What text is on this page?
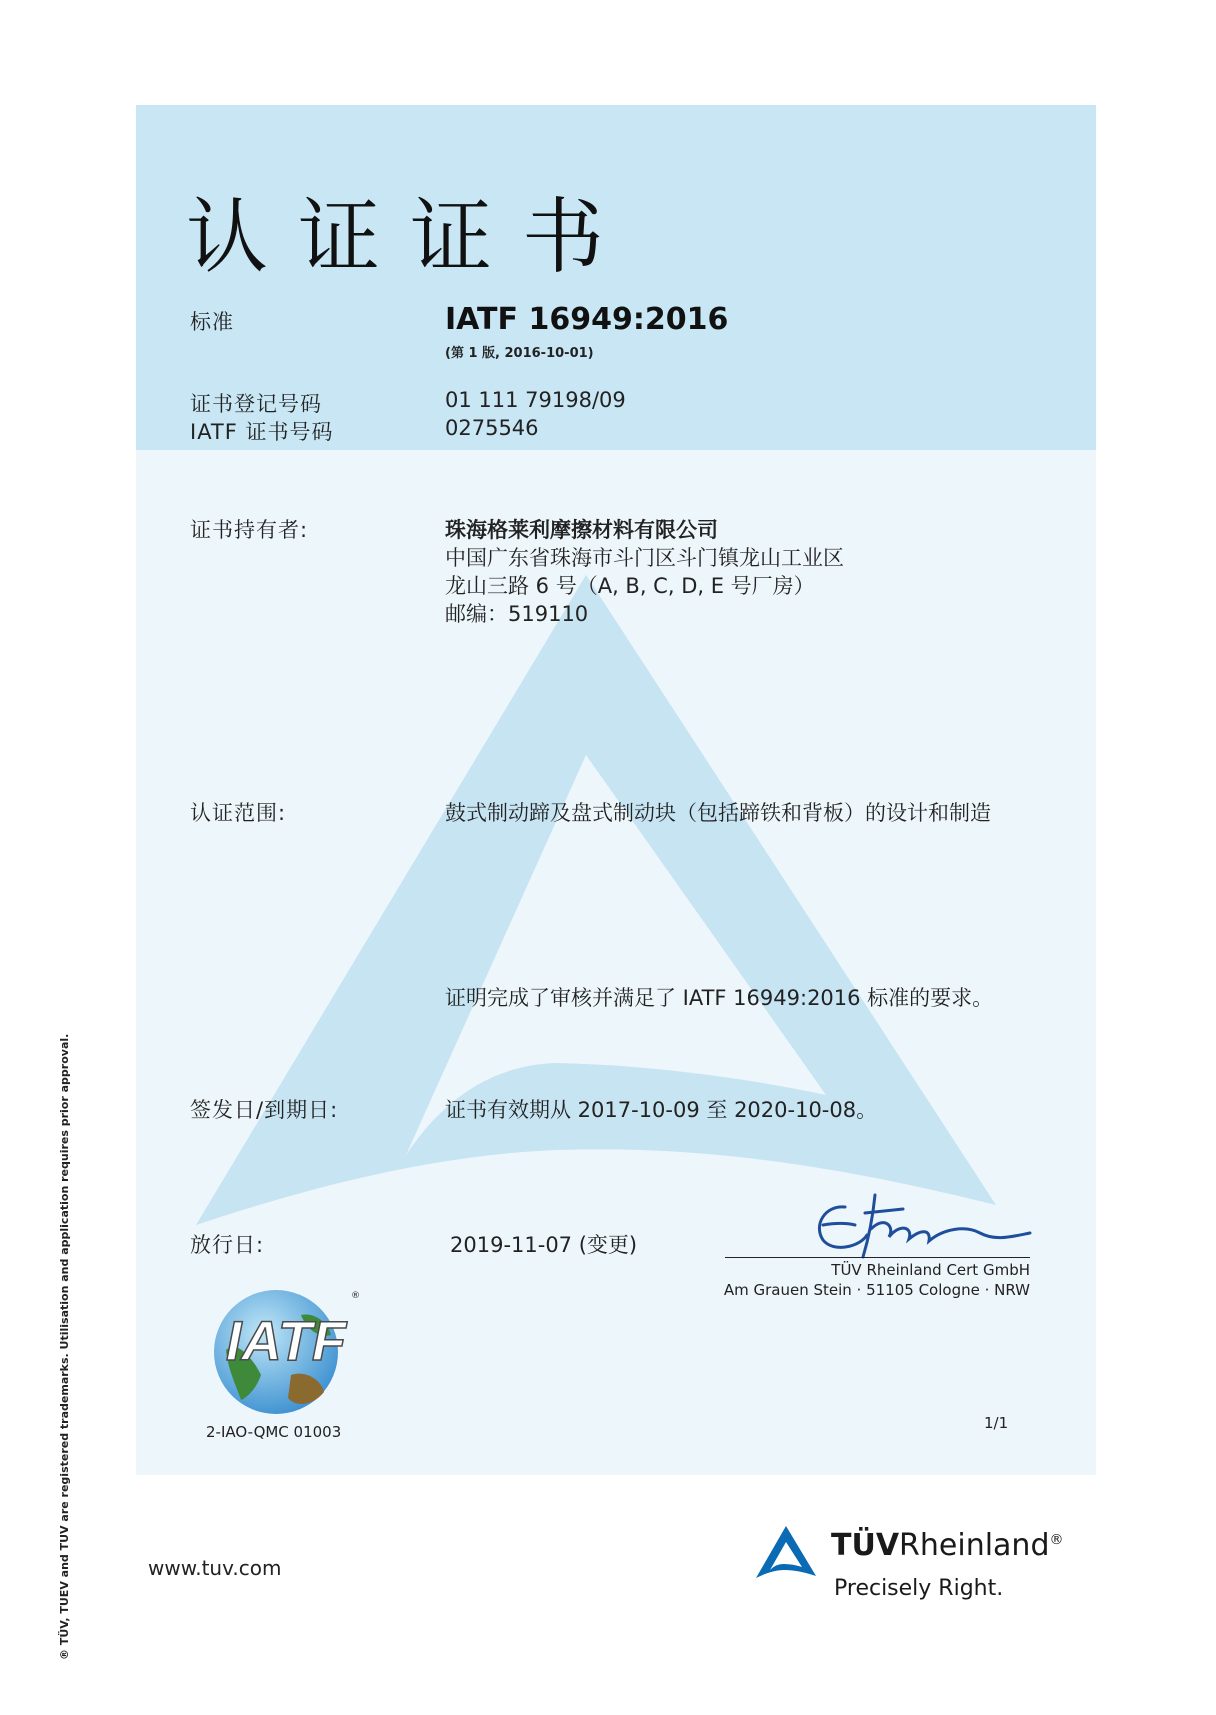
认证证书
标准	IATF 16949:2016
(第 1 版, 2016-10-01)
证书登记号码	01 111 79198/09
IATF 证书号码	0275546
证书持有者:	珠海格莱利摩擦材料有限公司
中国广东省珠海市斗门区斗门镇龙山工业区
龙山三路 6 号（A, B, C, D, E 号厂房）
邮编：519110
认证范围:	鼓式制动蹄及盘式制动块（包括蹄铁和背板）的设计和制造
证明完成了审核并满足了 IATF 16949:2016 标准的要求。
签发日/到期日:	证书有效期从 2017-10-09 至 2020-10-08。
放行日:	2019-11-07 (变更)
TÜV Rheinland Cert GmbH
Am Grauen Stein · 51105 Cologne · NRW
IATF
®
2-IAO-QMC 01003	1/1
® TÜV, TUEV and TUV are registered trademarks. Utilisation and application requires prior approval.	www.tuv.com
TÜVRheinland®
Precisely Right.
